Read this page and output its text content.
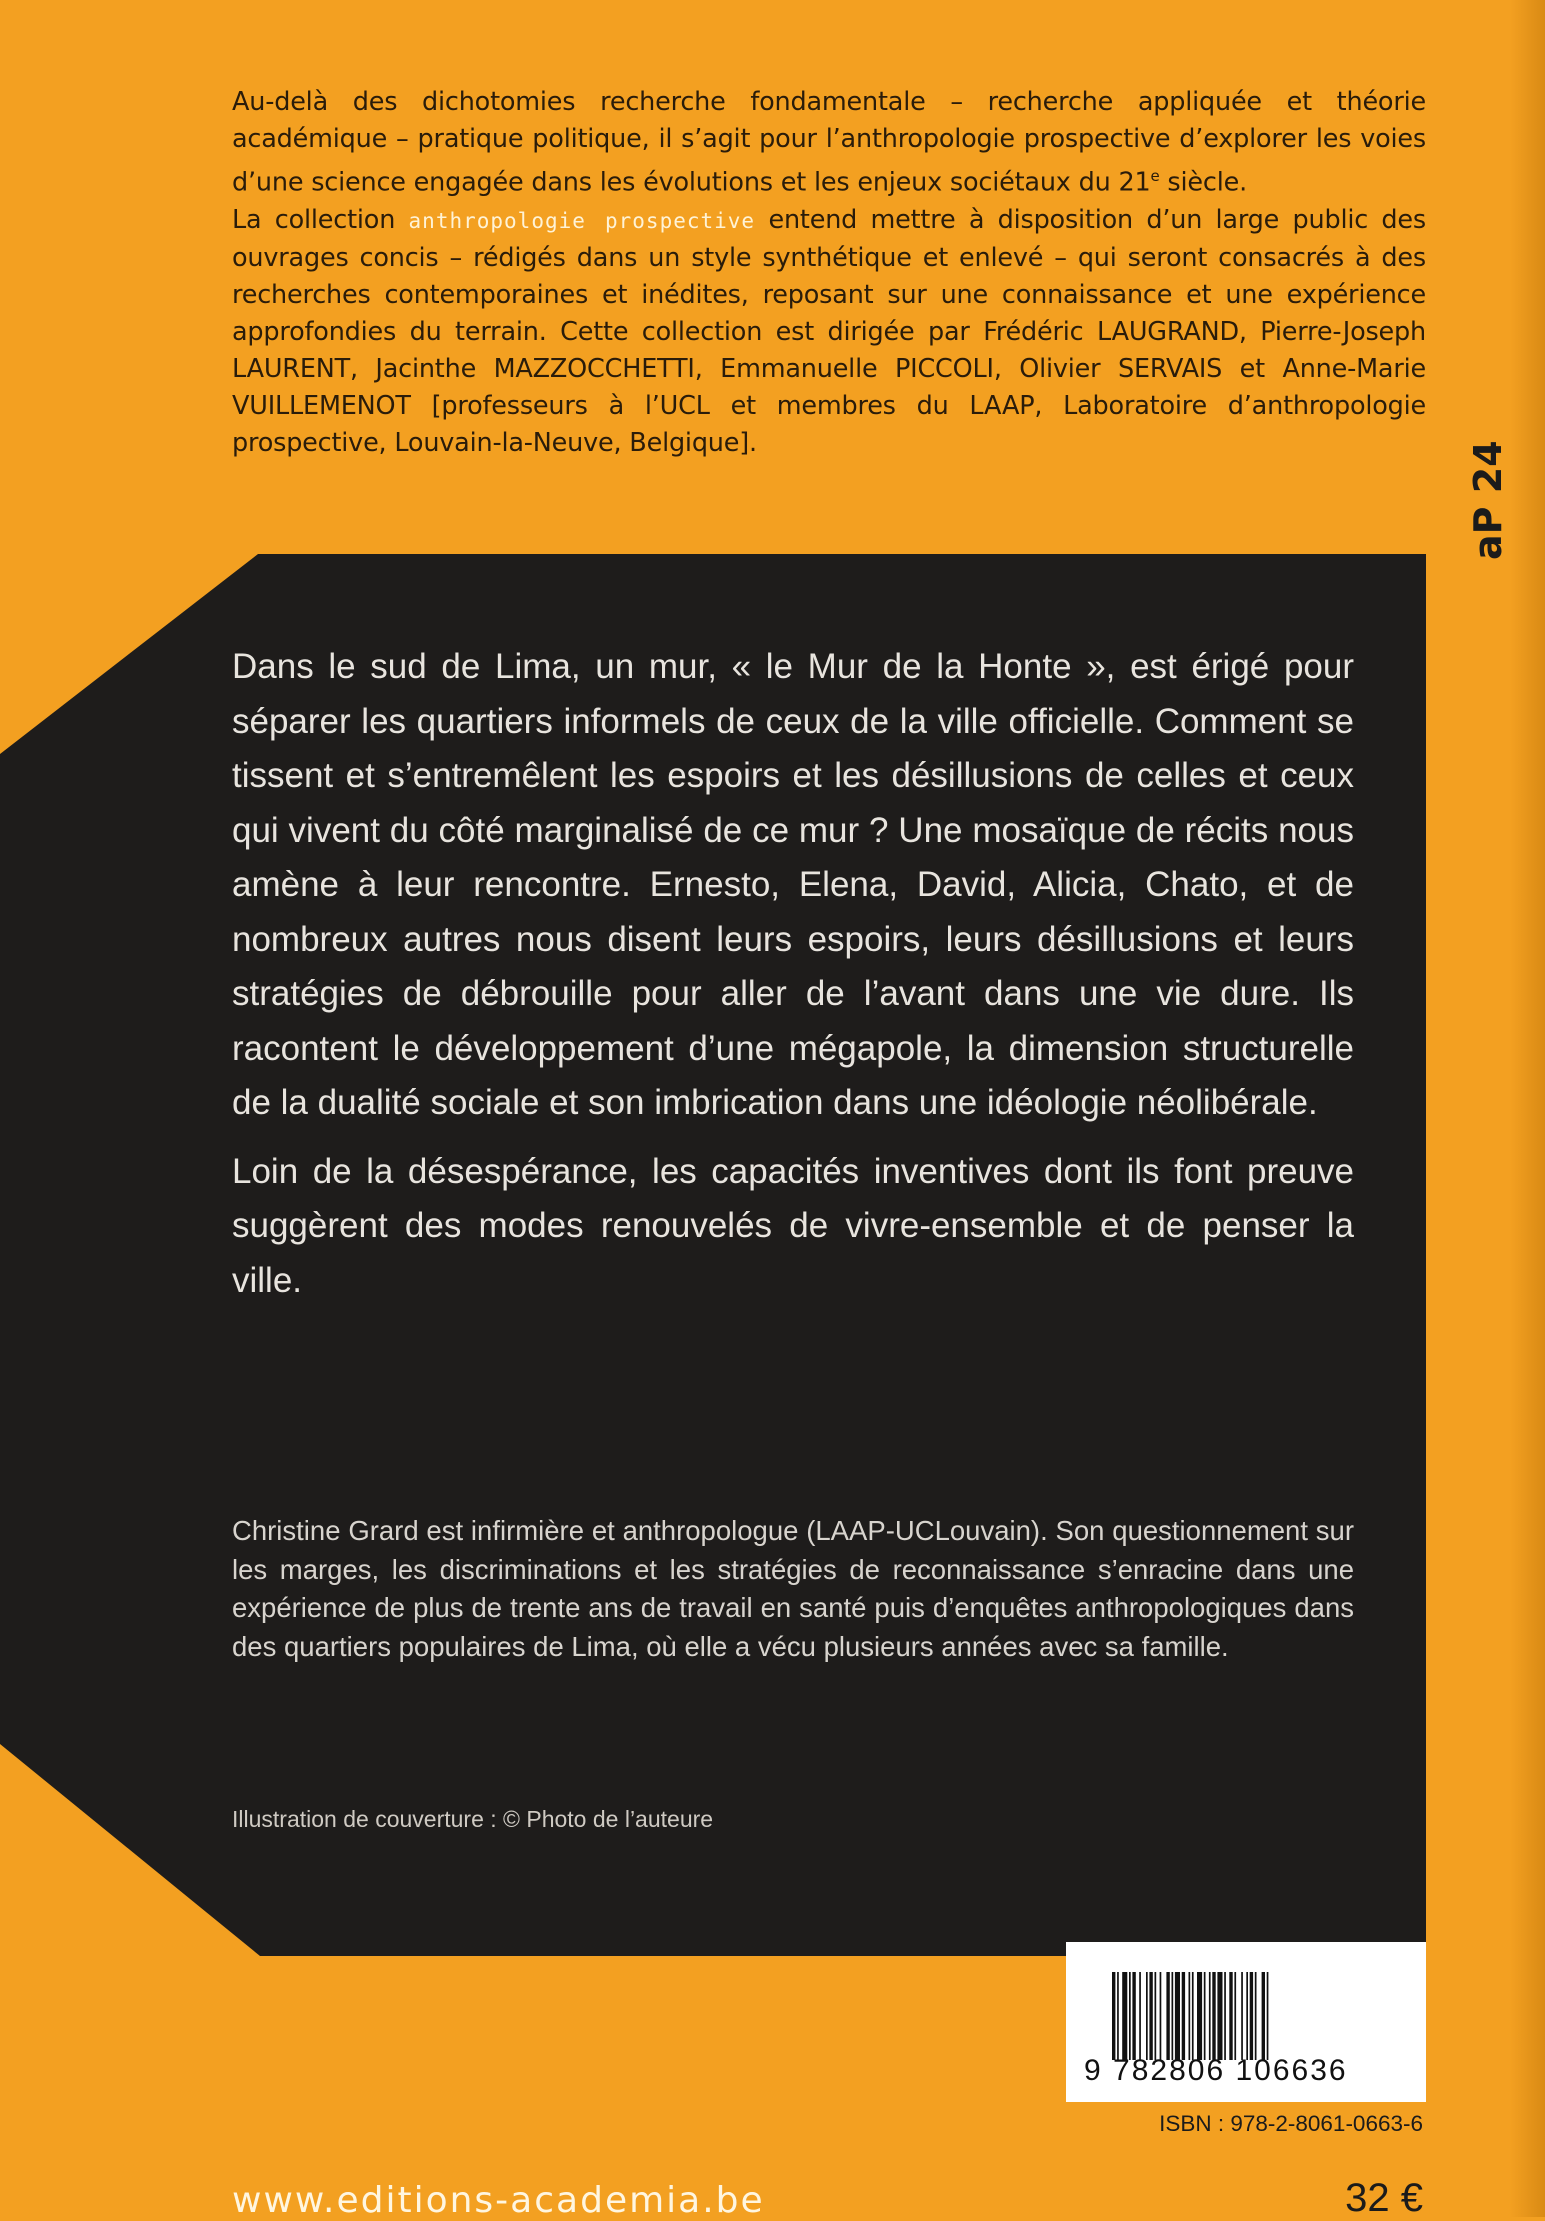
Au-delà des dichotomies recherche fondamentale – recherche appliquée et théorie académique – pratique politique, il s’agit pour l’anthropologie prospective d’explorer les voies d’une science engagée dans les évolutions et les enjeux sociétaux du 21e siècle.

La collection anthropologie prospective entend mettre à disposition d’un large public des ouvrages concis – rédigés dans un style synthétique et enlevé – qui seront consacrés à des recherches contemporaines et inédites, reposant sur une connaissance et une expérience approfondies du terrain. Cette collection est dirigée par Frédéric LAUGRAND, Pierre-Joseph LAURENT, Jacinthe MAZZOCCHETTI, Emmanuelle PICCOLI, Olivier SERVAIS et Anne-Marie VUILLEMENOT [professeurs à l’UCL et membres du LAAP, Laboratoire d’anthropologie prospective, Louvain-la-Neuve, Belgique].	aP 24

Dans le sud de Lima, un mur, « le Mur de la Honte », est érigé pour séparer les quartiers informels de ceux de la ville officielle. Comment se tissent et s’entremêlent les espoirs et les désillusions de celles et ceux qui vivent du côté marginalisé de ce mur ? Une mosaïque de récits nous amène à leur rencontre. Ernesto, Elena, David, Alicia, Chato, et de nombreux autres nous disent leurs espoirs, leurs désillusions et leurs stratégies de débrouille pour aller de l’avant dans une vie dure. Ils racontent le développement d’une mégapole, la dimension structurelle de la dualité sociale et son imbrication dans une idéologie néolibérale.

Loin de la désespérance, les capacités inventives dont ils font preuve suggèrent des modes renouvelés de vivre-ensemble et de penser la ville.

Christine Grard est infirmière et anthropologue (LAAP-UCLouvain). Son questionnement sur les marges, les discriminations et les stratégies de reconnaissance s’enracine dans une expérience de plus de trente ans de travail en santé puis d’enquêtes anthropologiques dans des quartiers populaires de Lima, où elle a vécu plusieurs années avec sa famille.
Illustration de couverture : © Photo de l’auteure
9 782806 106636
ISBN : 978-2-8061-0663-6
www.editions-academia.be	32 €
